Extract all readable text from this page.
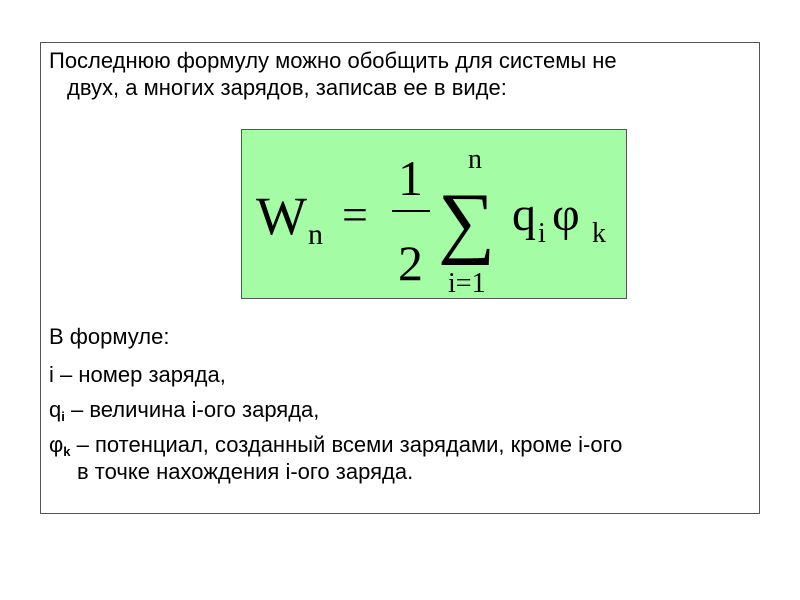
Последнюю формулу можно обобщить для системы не
двух, а многих зарядов, записав ее в виде:
W n =
1
2
n
∑
i=1
q i φ k
В формуле:
i – номер заряда,
$q_i$ – величина i-ого заряда,
$\varphi_k$ – потенциал, созданный всеми зарядами, кроме i-ого
в точке нахождения i-ого заряда.
